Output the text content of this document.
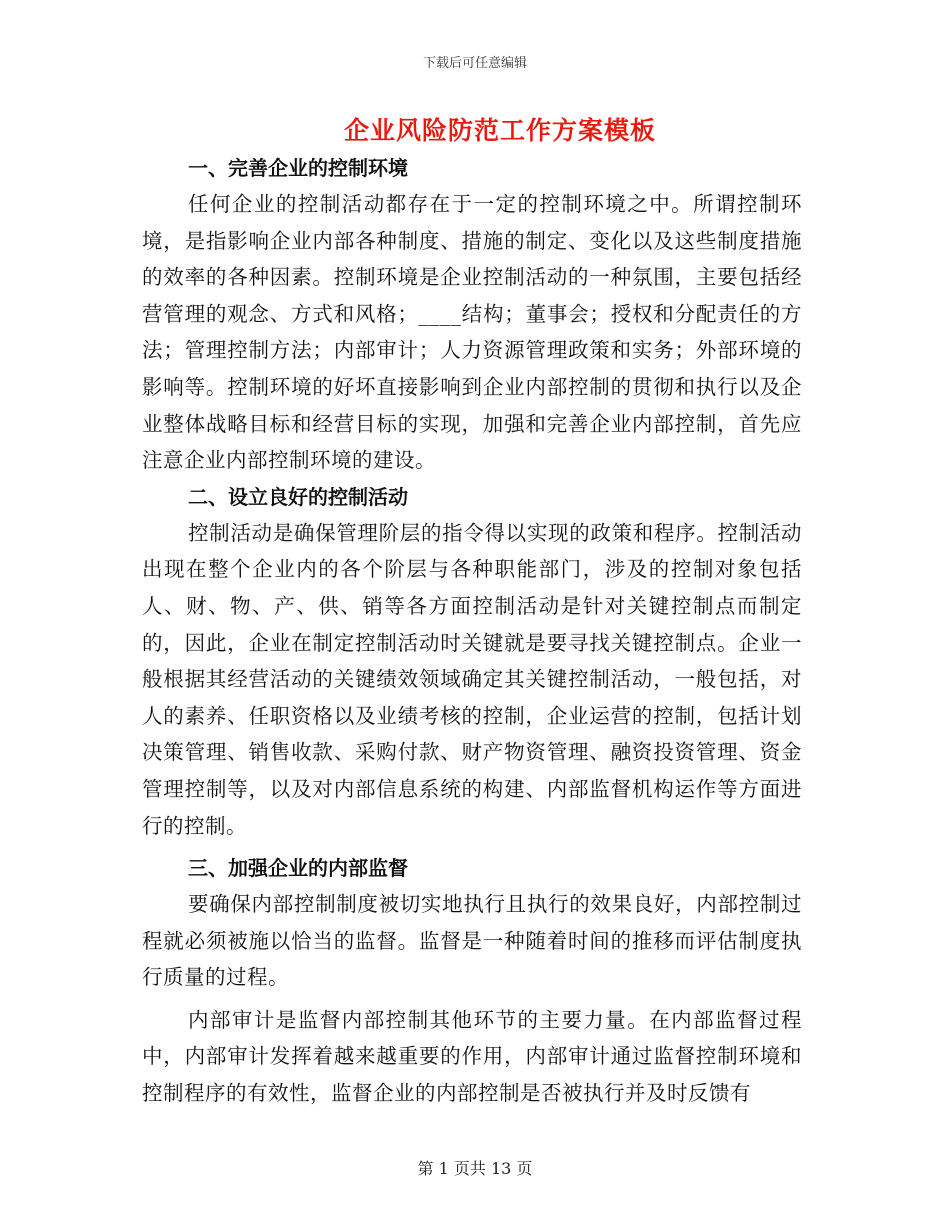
下载后可任意编辑
企业风险防范工作方案模板
一、完善企业的控制环境

任何企业的控制活动都存在于一定的控制环境之中。所谓控制环境，是指影响企业内部各种制度、措施的制定、变化以及这些制度措施的效率的各种因素。控制环境是企业控制活动的一种氛围，主要包括经营管理的观念、方式和风格；____结构；董事会；授权和分配责任的方法；管理控制方法；内部审计；人力资源管理政策和实务；外部环境的影响等。控制环境的好坏直接影响到企业内部控制的贯彻和执行以及企业整体战略目标和经营目标的实现，加强和完善企业内部控制，首先应注意企业内部控制环境的建设。

二、设立良好的控制活动

控制活动是确保管理阶层的指令得以实现的政策和程序。控制活动出现在整个企业内的各个阶层与各种职能部门，涉及的控制对象包括人、财、物、产、供、销等各方面控制活动是针对关键控制点而制定的，因此，企业在制定控制活动时关键就是要寻找关键控制点。企业一般根据其经营活动的关键绩效领域确定其关键控制活动，一般包括，对人的素养、任职资格以及业绩考核的控制，企业运营的控制，包括计划决策管理、销售收款、采购付款、财产物资管理、融资投资管理、资金管理控制等，以及对内部信息系统的构建、内部监督机构运作等方面进行的控制。

三、加强企业的内部监督

要确保内部控制制度被切实地执行且执行的效果良好，内部控制过程就必须被施以恰当的监督。监督是一种随着时间的推移而评估制度执行质量的过程。

内部审计是监督内部控制其他环节的主要力量。在内部监督过程中，内部审计发挥着越来越重要的作用，内部审计通过监督控制环境和控制程序的有效性，监督企业的内部控制是否被执行并及时反馈有

第 1 页共 13 页
